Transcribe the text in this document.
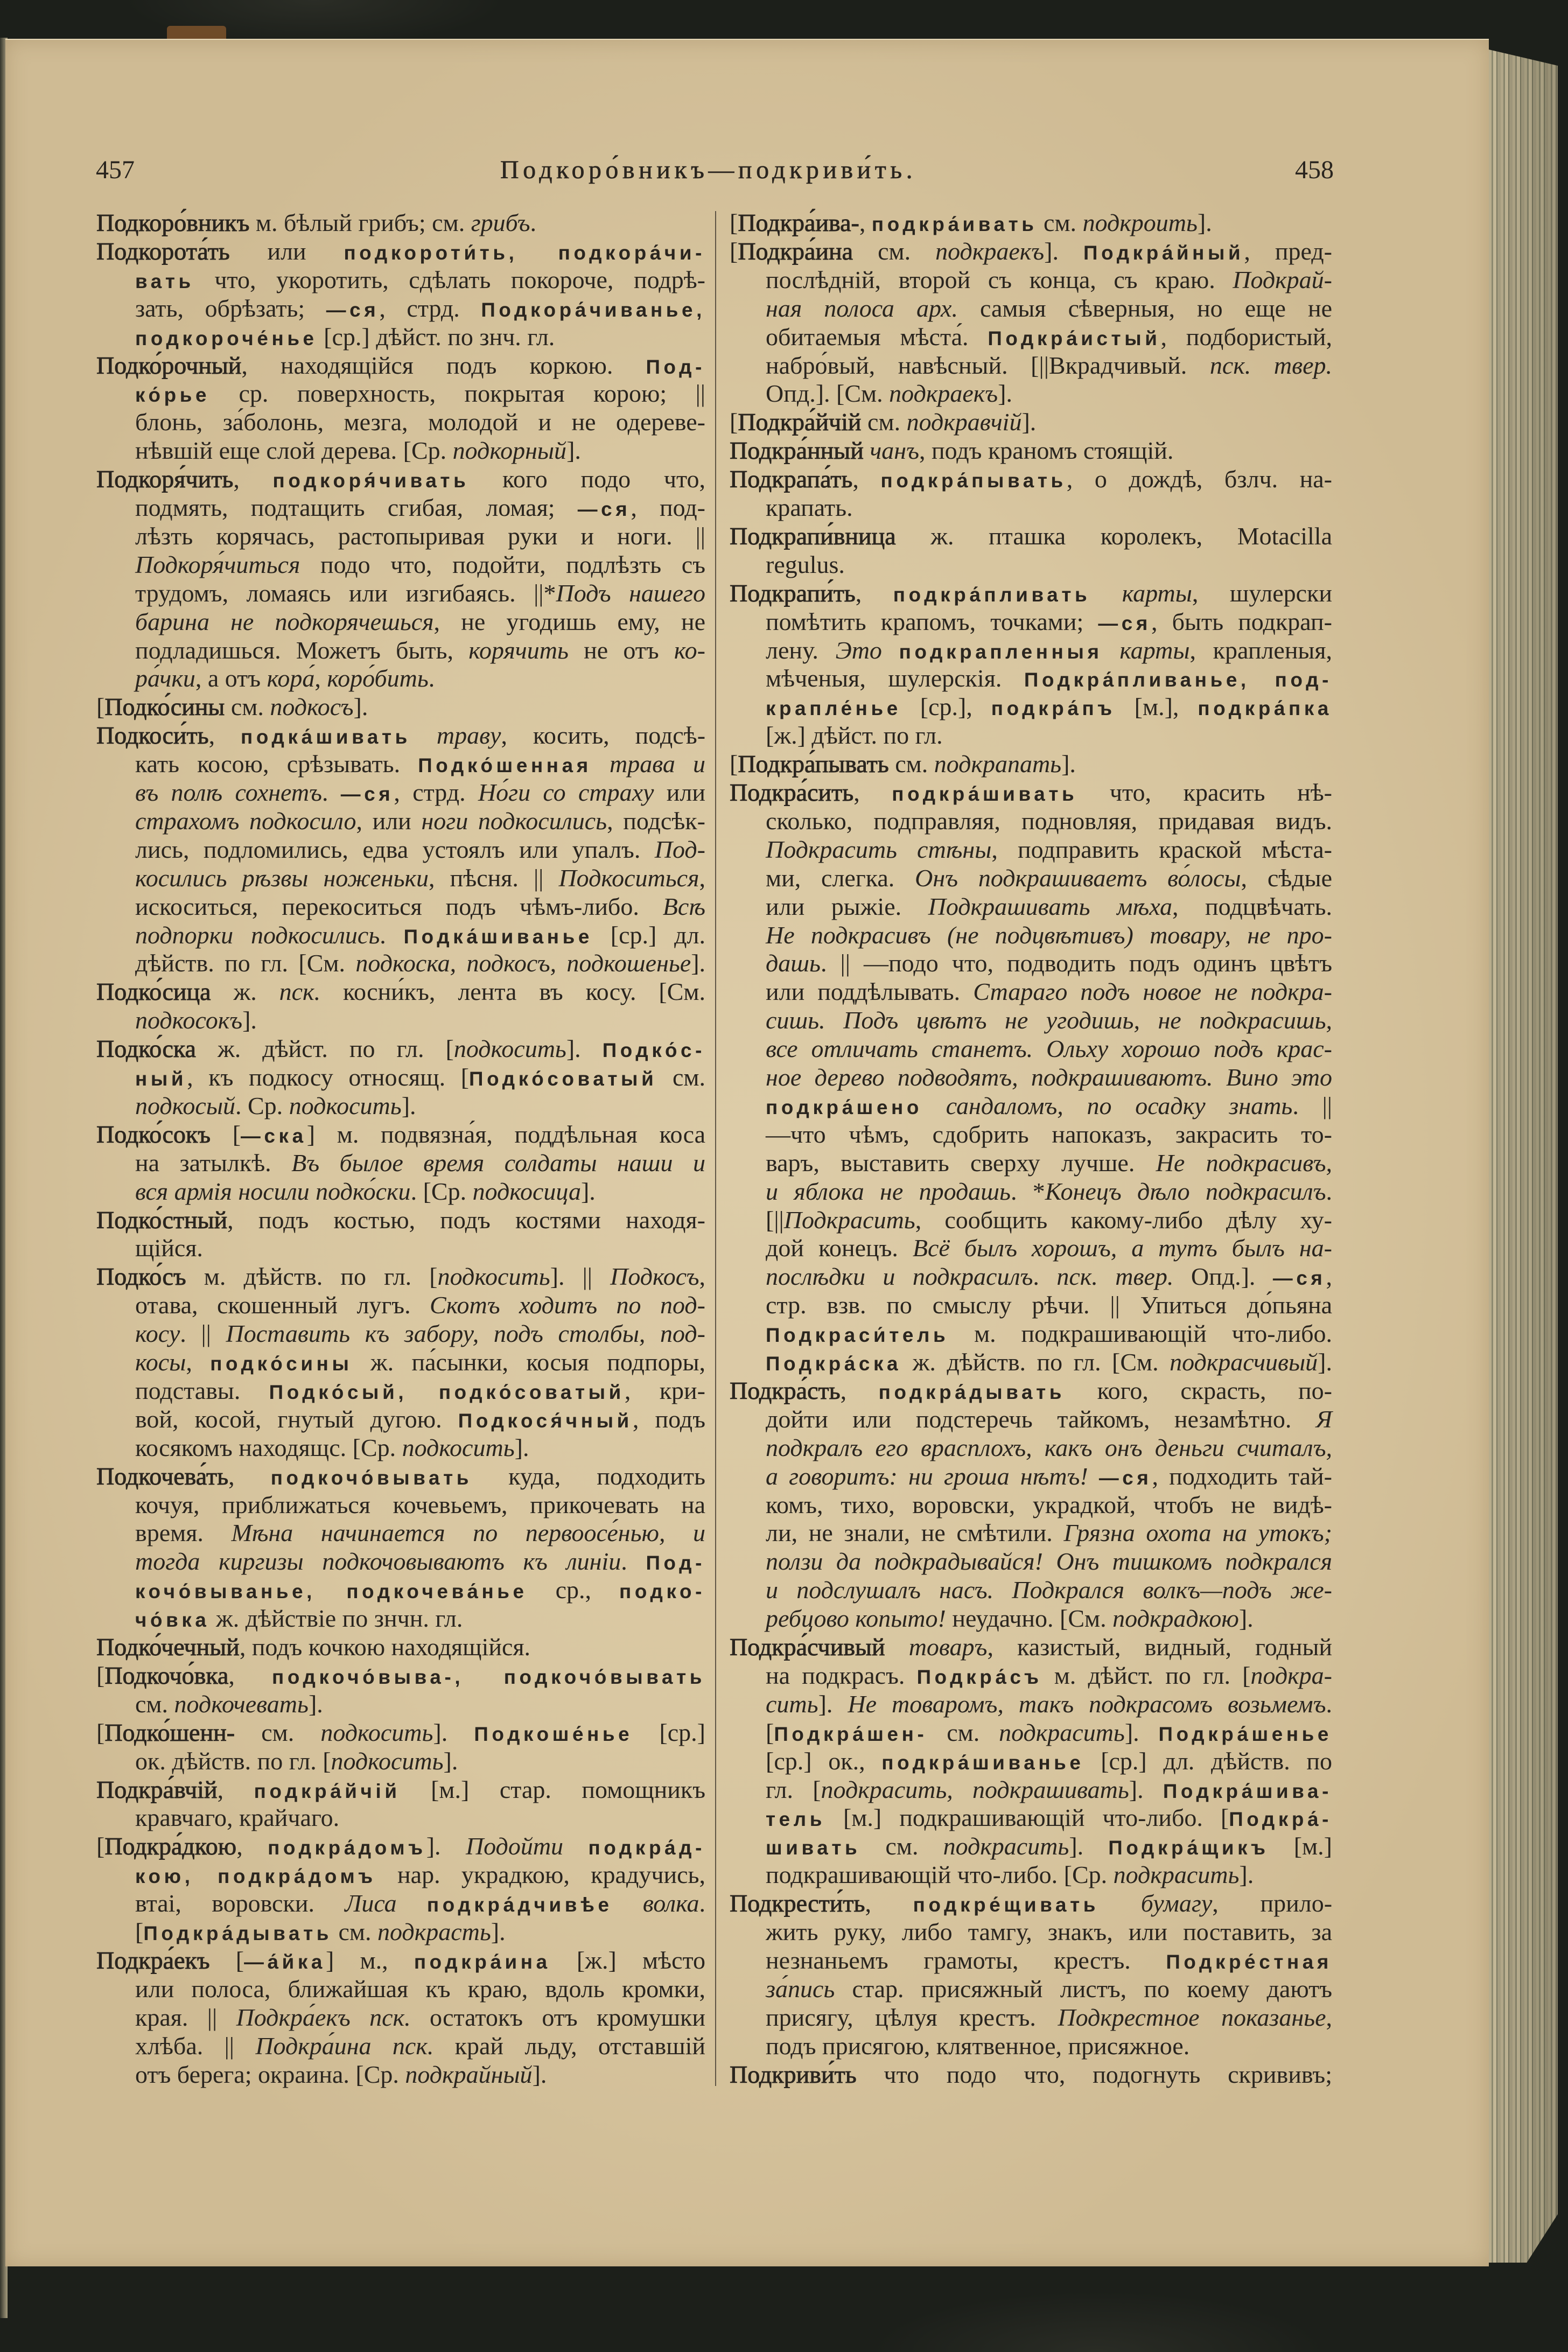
457	Подкоро́вникъ—подкриви́ть.	458
Подкоро́вникъ м. бѣлый грибъ; см. грибъ.
Подкорота́ть или подкороти́ть, подкора́чи-
вать что, укоротить, сдѣлать покороче, подрѣ-
зать, обрѣзать; —ся, стрд. Подкора́чиванье,
подкороче́нье [ср.] дѣйст. по знч. гл.
Подко́рочный, находящійся подъ коркою. Под-
ко́рье ср. поверхность, покрытая корою; ||
блонь, за́болонь, мезга, молодой и не одереве-
нѣвшій еще слой дерева. [Ср. подкорный].
Подкоря́чить, подкоря́чивать кого подо что,
подмять, подтащить сгибая, ломая; —ся, под-
лѣзть корячась, растопыривая руки и ноги. ||
Подкоря́читься подо что, подойти, подлѣзть съ
трудомъ, ломаясь или изгибаясь. ||*Подъ нашего
барина не подкорячешься, не угодишь ему, не
подладишься. Можетъ быть, корячить не отъ ко-
ра́чки, а отъ кора́, коро́бить.
[Подко́сины см. подкосъ].
Подкоси́ть, подка́шивать траву, косить, подсѣ-
кать косою, срѣзывать. Подко́шенная трава и
въ полѣ сохнетъ. —ся, стрд. Но́ги со страху или
страхомъ подкосило, или ноги подкосились, подсѣк-
лись, подломились, едва устоялъ или упалъ. Под-
косились рѣзвы ноженьки, пѣсня. || Подкоситься,
искоситься, перекоситься подъ чѣмъ-либо. Всѣ
подпорки подкосились. Подка́шиванье [ср.] дл.
дѣйств. по гл. [См. подкоска, подкосъ, подкошенье].
Подко́сица ж. пск. косни́къ, лента въ косу. [См.
подкосокъ].
Подко́ска ж. дѣйст. по гл. [подкосить]. Подко́с-
ный, къ подкосу относящ. [Подко́соватый см.
подкосый. Ср. подкосить].
Подко́сокъ [—ска] м. подвязна́я, поддѣльная коса
на затылкѣ. Въ былое время солдаты наши и
вся армія носили подко́ски. [Ср. подкосица].
Подко́стный, подъ костью, подъ костями находя-
щійся.
Подко́съ м. дѣйств. по гл. [подкосить]. || Подкосъ,
отава, скошенный лугъ. Скотъ ходитъ по под-
косу. || Поставить къ забору, подъ столбы, под-
косы, подко́сины ж. па́сынки, косыя подпоры,
подставы. Подко́сый, подко́соватый, кри-
вой, косой, гнутый дугою. Подкося́чный, подъ
косякомъ находящс. [Ср. подкосить].
Подкочева́ть, подкочо́вывать куда, подходить
кочуя, приближаться кочевьемъ, прикочевать на
время. Мѣна начинается по первоосе́нью, и
тогда киргизы подкочовываютъ къ линіи. Под-
кочо́выванье, подкочева́нье ср., подко-
чо́вка ж. дѣйствіе по знчн. гл.
Подко́чечный, подъ кочкою находящійся.
[Подкочо́вка, подкочо́выва-, подкочо́вывать
см. подкочевать].
[Подко́шенн- см. подкосить]. Подкоше́нье [ср.]
ок. дѣйств. по гл. [подкосить].
Подкра́вчій, подкра́йчій [м.] стар. помощникъ
кравчаго, крайчаго.
[Подкра́дкою, подкра́домъ]. Подойти подкра́д-
кою, подкра́домъ нар. украдкою, крадучись,
втаі, воровски. Лиса подкра́дчивѣе волка.
[Подкра́дывать см. подкрасть].
Подкра́екъ [—а́йка] м., подкра́ина [ж.] мѣсто
или полоса, ближайшая къ краю, вдоль кромки,
края. || Подкра́екъ пск. остатокъ отъ кромушки
хлѣба. || Подкра́ина пск. край льду, отставшій
отъ берега; окраина. [Ср. подкрайный].
[Подкра́ива-, подкра́ивать см. подкроить].
[Подкра́ина см. подкраекъ]. Подкра́йный, пред-
послѣдній, второй съ конца, съ краю. Подкрай-
ная полоса арх. самыя сѣверныя, но еще не
обитаемыя мѣста́. Подкра́истый, подбористый,
набро́вый, навѣсный. [||Вкрадчивый. пск. твер.
Опд.]. [См. подкраекъ].
[Подкра́йчій см. подкравчій].
Подкра́нный чанъ, подъ краномъ стоящій.
Подкрапа́ть, подкра́пывать, о дождѣ, бзлч. на-
крапать.
Подкрапи́вница ж. пташка королекъ, Motacilla
regulus.
Подкрапи́ть, подкра́пливать карты, шулерски
помѣтить крапомъ, точками; —ся, быть подкрап-
лену. Это подкрапленныя карты, крапленыя,
мѣченыя, шулерскія. Подкра́пливанье, под-
крапле́нье [ср.], подкра́пъ [м.], подкра́пка
[ж.] дѣйст. по гл.
[Подкра́пывать см. подкрапать].
Подкра́сить, подкра́шивать что, красить нѣ-
сколько, подправляя, подновляя, придавая видъ.
Подкрасить стѣны, подправить краской мѣста-
ми, слегка. Онъ подкрашиваетъ во́лосы, сѣдые
или рыжіе. Подкрашивать мѣха, подцвѣчать.
Не подкрасивъ (не подцвѣтивъ) товару, не про-
дашь. || —подо что, подводить подъ одинъ цвѣтъ
или поддѣлывать. Стараго подъ новое не подкра-
сишь. Подъ цвѣтъ не угодишь, не подкрасишь,
все отличать станетъ. Ольху хорошо подъ крас-
ное дерево подводятъ, подкрашиваютъ. Вино это
подкра́шено сандаломъ, по осадку знать. ||
—что чѣмъ, сдобрить напоказъ, закрасить то-
варъ, выставить сверху лучше. Не подкрасивъ,
и яблока не продашь. *Конецъ дѣло подкрасилъ.
[||Подкрасить, сообщить какому-либо дѣлу ху-
дой конецъ. Всё былъ хорошъ, а тутъ былъ на-
послѣдки и подкрасилъ. пск. твер. Опд.]. —ся,
стр. взв. по смыслу рѣчи. || Упиться до́пьяна
Подкраси́тель м. подкрашивающій что-либо.
Подкра́ска ж. дѣйств. по гл. [См. подкрасчивый].
Подкра́сть, подкра́дывать кого, скрасть, по-
дойти или подстеречь тайкомъ, незамѣтно. Я
подкралъ его врасплохъ, какъ онъ деньги считалъ,
а говоритъ: ни гроша нѣтъ! —ся, подходить тай-
комъ, тихо, воровски, украдкой, чтобъ не видѣ-
ли, не знали, не смѣтили. Грязна охота на утокъ;
ползи да подкрадывайся! Онъ тишкомъ подкрался
и подслушалъ насъ. Подкрался волкъ—подъ же-
ребцово копыто! неудачно. [См. подкрадкою].
Подкра́счивый товаръ, казистый, видный, годный
на подкрасъ. Подкра́съ м. дѣйст. по гл. [подкра-
сить]. Не товаромъ, такъ подкрасомъ возьмемъ.
[Подкра́шен- см. подкрасить]. Подкра́шенье
[ср.] ок., подкра́шиванье [ср.] дл. дѣйств. по
гл. [подкрасить, подкрашивать]. Подкра́шива-
тель [м.] подкрашивающій что-либо. [Подкра́-
шивать см. подкрасить]. Подкра́щикъ [м.]
подкрашивающій что-либо. [Ср. подкрасить].
Подкрести́ть, подкре́щивать бумагу, прило-
жить руку, либо тамгу, знакъ, или поставить, за
незнаньемъ грамоты, крестъ. Подкре́стная
за́пись стар. присяжный листъ, по коему даютъ
присягу, цѣлуя крестъ. Подкрестное показанье,
подъ присягою, клятвенное, присяжное.
Подкриви́ть что подо что, подогнуть скрививъ;
